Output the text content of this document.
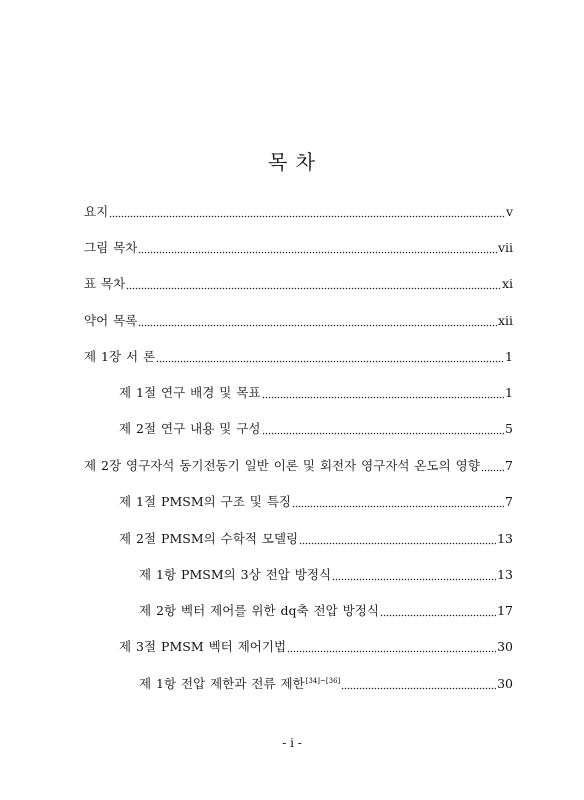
목 차
요지	v
그림 목차	vii
표 목차	xi
약어 목록	xii
제 1장 서 론	1
제 1절 연구 배경 및 목표	1
제 2절 연구 내용 및 구성	5
제 2장 영구자석 동기전동기 일반 이론 및 회전자 영구자석 온도의 영향 7
제 1절 PMSM의 구조 및 특징	7
제 2절 PMSM의 수학적 모델링	13
제 1항 PMSM의 3상 전압 방정식	13
제 2항 벡터 제어를 위한 dq축 전압 방정식	17
제 3절 PMSM 벡터 제어기법	30
제 1항 전압 제한과 전류 제한[34]~[36]	30
- i -
